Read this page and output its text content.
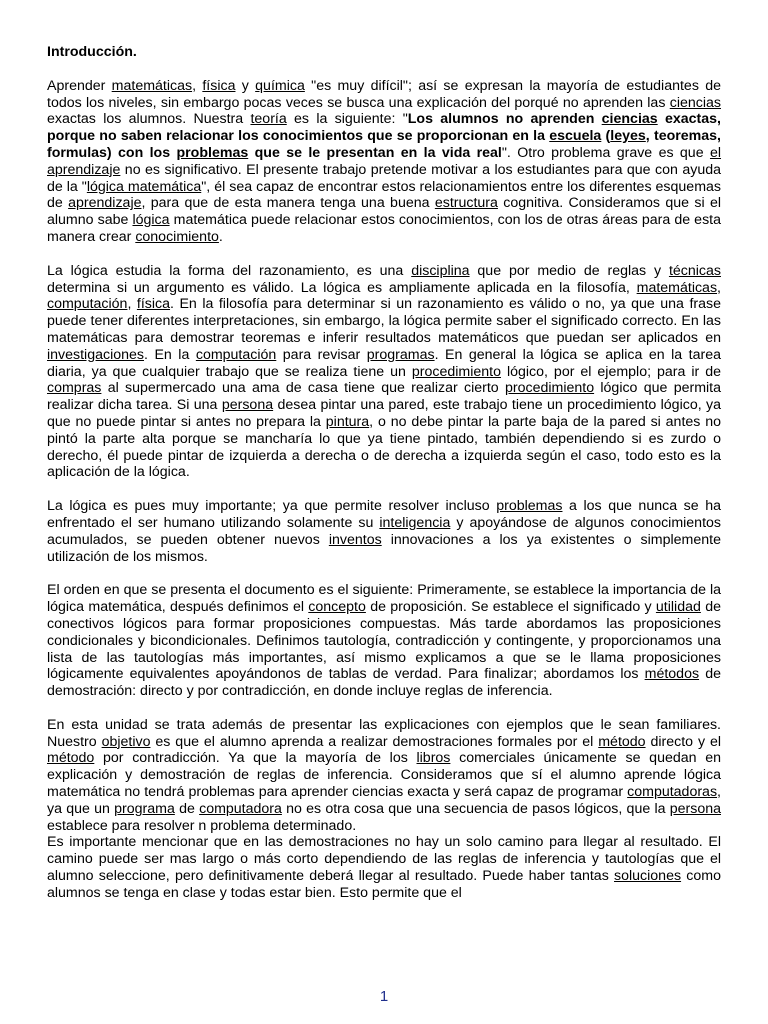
Introducción.

Aprender matemáticas, física y química "es muy difícil"; así se expresan la mayoría de estudiantes de todos los niveles, sin embargo pocas veces se busca una explicación del porqué no aprenden las ciencias exactas los alumnos. Nuestra teoría es la siguiente: "Los alumnos no aprenden ciencias exactas, porque no saben relacionar los conocimientos que se proporcionan en la escuela (leyes, teoremas, formulas) con los problemas que se le presentan en la vida real". Otro problema grave es que el aprendizaje no es significativo. El presente trabajo pretende motivar a los estudiantes para que con ayuda de la "lógica matemática", él sea capaz de encontrar estos relacionamientos entre los diferentes esquemas de aprendizaje, para que de esta manera tenga una buena estructura cognitiva. Consideramos que si el alumno sabe lógica matemática puede relacionar estos conocimientos, con los de otras áreas para de esta manera crear conocimiento.

La lógica estudia la forma del razonamiento, es una disciplina que por medio de reglas y técnicas determina si un argumento es válido. La lógica es ampliamente aplicada en la filosofía, matemáticas, computación, física. En la filosofía para determinar si un razonamiento es válido o no, ya que una frase puede tener diferentes interpretaciones, sin embargo, la lógica permite saber el significado correcto. En las matemáticas para demostrar teoremas e inferir resultados matemáticos que puedan ser aplicados en investigaciones. En la computación para revisar programas. En general la lógica se aplica en la tarea diaria, ya que cualquier trabajo que se realiza tiene un procedimiento lógico, por el ejemplo; para ir de compras al supermercado una ama de casa tiene que realizar cierto procedimiento lógico que permita realizar dicha tarea. Si una persona desea pintar una pared, este trabajo tiene un procedimiento lógico, ya que no puede pintar si antes no prepara la pintura, o no debe pintar la parte baja de la pared si antes no pintó la parte alta porque se mancharía lo que ya tiene pintado, también dependiendo si es zurdo o derecho, él puede pintar de izquierda a derecha o de derecha a izquierda según el caso, todo esto es la aplicación de la lógica.

La lógica es pues muy importante; ya que permite resolver incluso problemas a los que nunca se ha enfrentado el ser humano utilizando solamente su inteligencia y apoyándose de algunos conocimientos acumulados, se pueden obtener nuevos inventos innovaciones a los ya existentes o simplemente utilización de los mismos.

El orden en que se presenta el documento es el siguiente: Primeramente, se establece la importancia de la lógica matemática, después definimos el concepto de proposición. Se establece el significado y utilidad de conectivos lógicos para formar proposiciones compuestas. Más tarde abordamos las proposiciones condicionales y bicondicionales. Definimos tautología, contradicción y contingente, y proporcionamos una lista de las tautologías más importantes, así mismo explicamos a que se le llama proposiciones lógicamente equivalentes apoyándonos de tablas de verdad. Para finalizar; abordamos los métodos de demostración: directo y por contradicción, en donde incluye reglas de inferencia.

En esta unidad se trata además de presentar las explicaciones con ejemplos que le sean familiares. Nuestro objetivo es que el alumno aprenda a realizar demostraciones formales por el método directo y el método por contradicción. Ya que la mayoría de los libros comerciales únicamente se quedan en explicación y demostración de reglas de inferencia. Consideramos que sí el alumno aprende lógica matemática no tendrá problemas para aprender ciencias exacta y será capaz de programar computadoras, ya que un programa de computadora no es otra cosa que una secuencia de pasos lógicos, que la persona establece para resolver n problema determinado.

Es importante mencionar que en las demostraciones no hay un solo camino para llegar al resultado. El camino puede ser mas largo o más corto dependiendo de las reglas de inferencia y tautologías que el alumno seleccione, pero definitivamente deberá llegar al resultado. Puede haber tantas soluciones como alumnos se tenga en clase y todas estar bien. Esto permite que el

1
